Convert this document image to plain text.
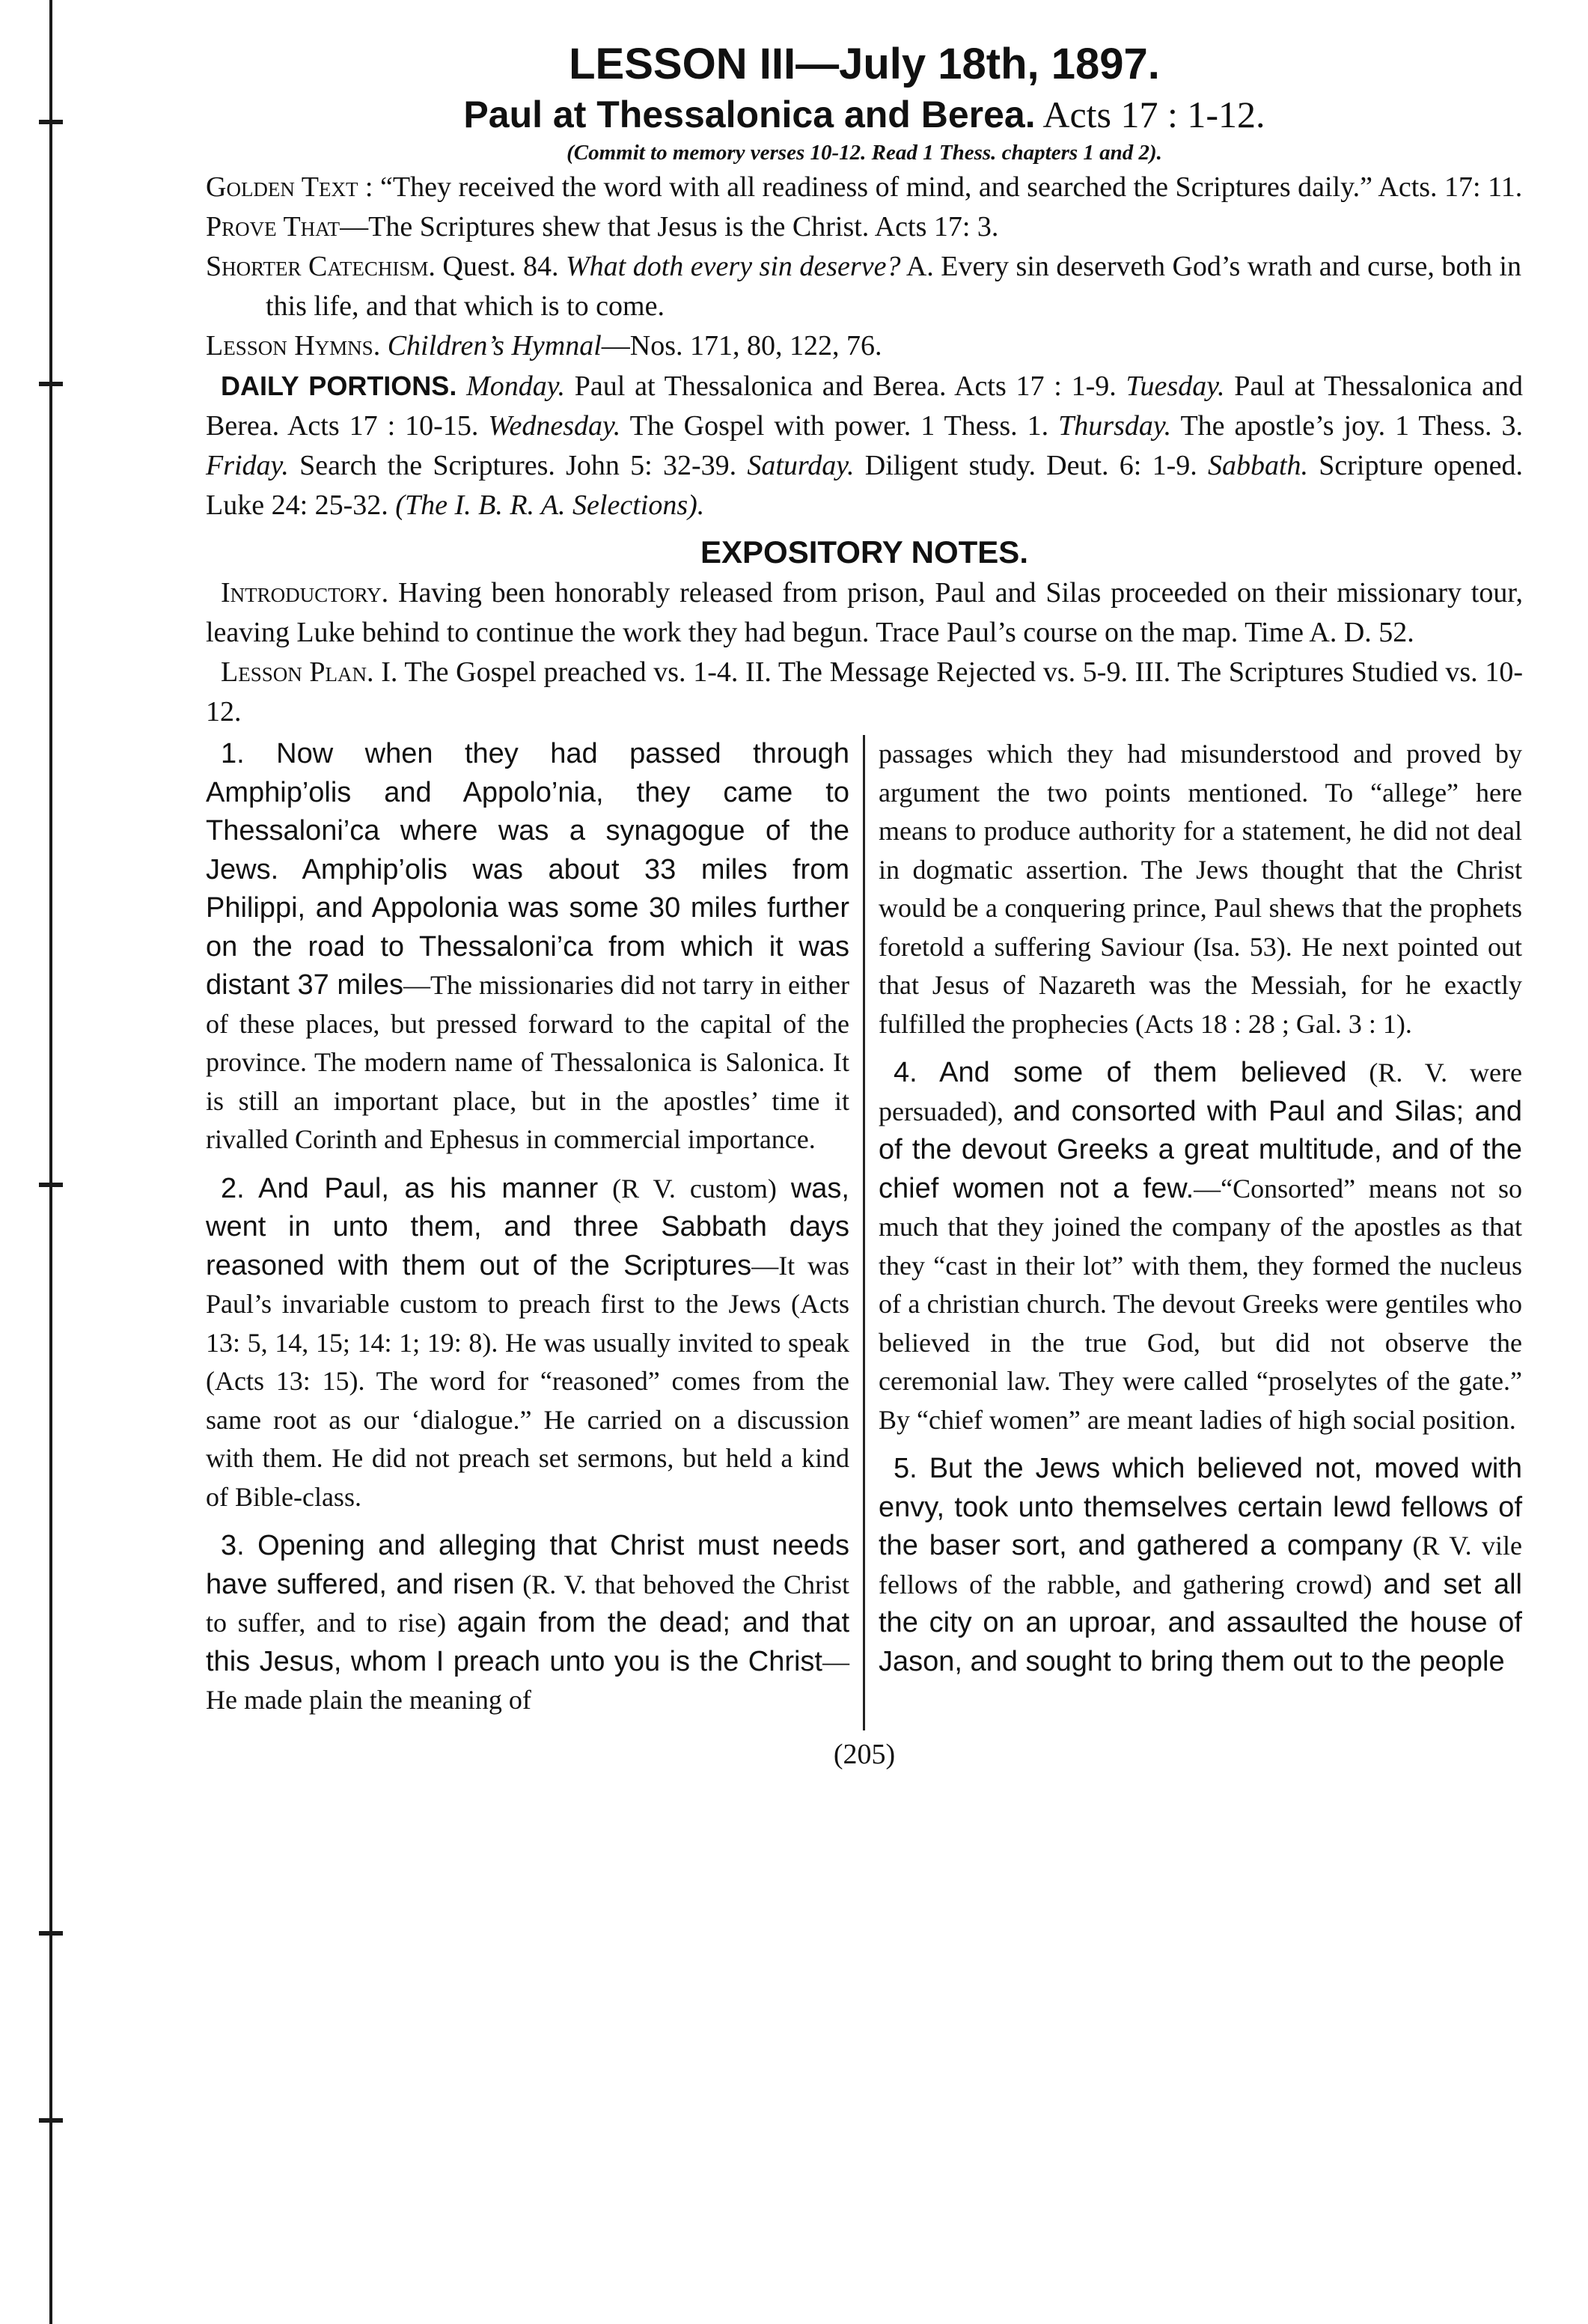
LESSON III—July 18th, 1897.
Paul at Thessalonica and Berea. Acts 17 : 1-12.
(Commit to memory verses 10-12. Read 1 Thess. chapters 1 and 2).
Golden Text : “They received the word with all readiness of mind, and searched the Scriptures daily.” Acts. 17: 11.
Prove That—The Scriptures shew that Jesus is the Christ. Acts 17: 3.
Shorter Catechism. Quest. 84. What doth every sin deserve? A. Every sin deserveth God’s wrath and curse, both in this life, and that which is to come.
Lesson Hymns. Children’s Hymnal—Nos. 171, 80, 122, 76.
DAILY PORTIONS. Monday. Paul at Thessalonica and Berea. Acts 17 : 1-9. Tuesday. Paul at Thessalonica and Berea. Acts 17 : 10-15. Wednesday. The Gospel with power. 1 Thess. 1. Thursday. The apostle’s joy. 1 Thess. 3. Friday. Search the Scriptures. John 5: 32-39. Saturday. Diligent study. Deut. 6: 1-9. Sabbath. Scripture opened. Luke 24: 25-32. (The I. B. R. A. Selections).
EXPOSITORY NOTES.
Introductory. Having been honorably released from prison, Paul and Silas proceeded on their missionary tour, leaving Luke behind to continue the work they had begun. Trace Paul’s course on the map. Time A. D. 52.
Lesson Plan. I. The Gospel preached vs. 1-4. II. The Message Rejected vs. 5-9. III. The Scriptures Studied vs. 10-12.

1. Now when they had passed through Amphip’olis and Appolo’nia, they came to Thessaloni’ca where was a synagogue of the Jews. Amphip’olis was about 33 miles from Philippi, and Appolonia was some 30 miles further on the road to Thessaloni’ca from which it was distant 37 miles—The missionaries did not tarry in either of these places, but pressed forward to the capital of the province. The modern name of Thessalonica is Salonica. It is still an important place, but in the apostles’ time it rivalled Corinth and Ephesus in commercial importance.

2. And Paul, as his manner (R V. custom) was, went in unto them, and three Sabbath days reasoned with them out of the Scriptures—It was Paul’s invariable custom to preach first to the Jews (Acts 13: 5, 14, 15; 14: 1; 19: 8). He was usually invited to speak (Acts 13: 15). The word for “reasoned” comes from the same root as our ‘dialogue.” He carried on a discussion with them. He did not preach set sermons, but held a kind of Bible-class.

3. Opening and alleging that Christ must needs have suffered, and risen (R. V. that behoved the Christ to suffer, and to rise) again from the dead; and that this Jesus, whom I preach unto you is the Christ—He made plain the meaning of

passages which they had misunderstood and proved by argument the two points mentioned. To “allege” here means to produce authority for a statement, he did not deal in dogmatic assertion. The Jews thought that the Christ would be a conquering prince, Paul shews that the prophets foretold a suffering Saviour (Isa. 53). He next pointed out that Jesus of Nazareth was the Messiah, for he exactly fulfilled the prophecies (Acts 18 : 28 ; Gal. 3 : 1).

4. And some of them believed (R. V. were persuaded), and consorted with Paul and Silas; and of the devout Greeks a great multitude, and of the chief women not a few.—“Consorted” means not so much that they joined the company of the apostles as that they “cast in their lot” with them, they formed the nucleus of a christian church. The devout Greeks were gentiles who believed in the true God, but did not observe the ceremonial law. They were called “proselytes of the gate.” By “chief women” are meant ladies of high social position.

5. But the Jews which believed not, moved with envy, took unto themselves certain lewd fellows of the baser sort, and gathered a company (R V. vile fellows of the rabble, and gathering crowd) and set all the city on an uproar, and assaulted the house of Jason, and sought to bring them out to the people

(205)
